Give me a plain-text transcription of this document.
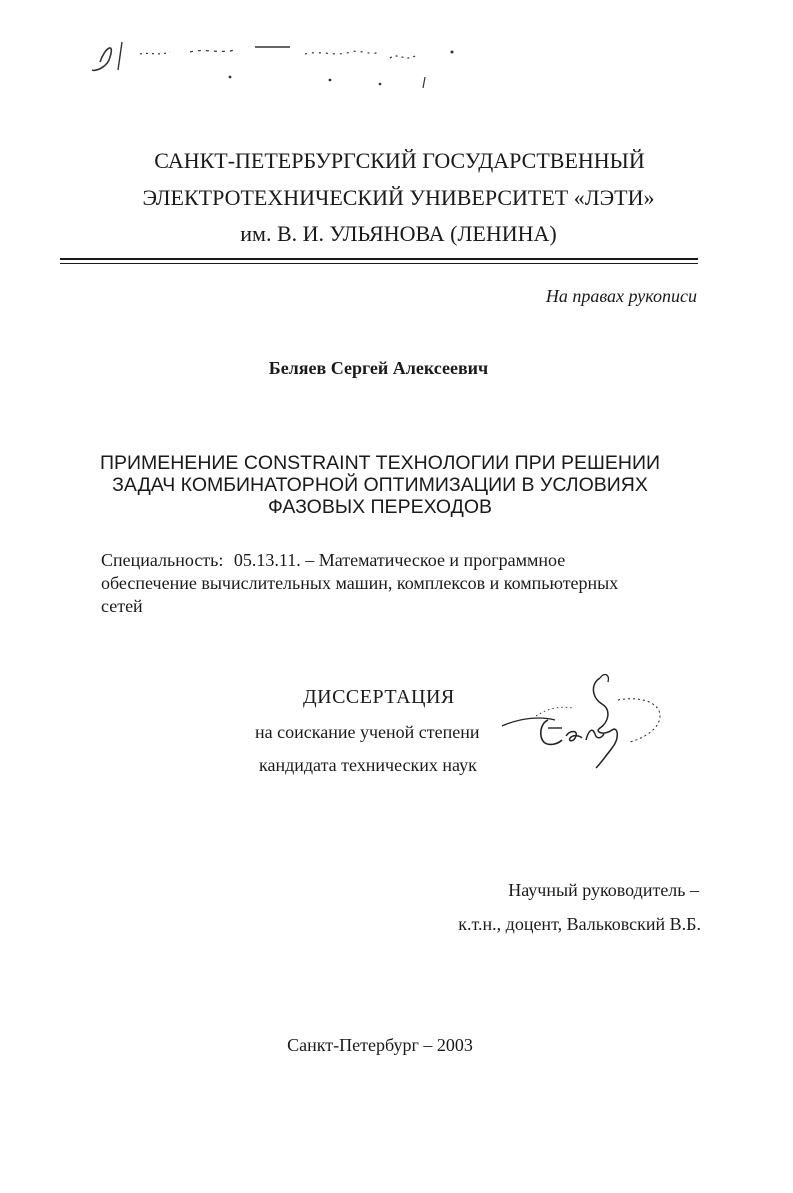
САНКТ-ПЕТЕРБУРГСКИЙ ГОСУДАРСТВЕННЫЙ
ЭЛЕКТРОТЕХНИЧЕСКИЙ УНИВЕРСИТЕТ «ЛЭТИ»
им. В. И. УЛЬЯНОВА (ЛЕНИНА)
На правах рукописи
Беляев Сергей Алексеевич
ПРИМЕНЕНИЕ CONSTRAINT ТЕХНОЛОГИИ ПРИ РЕШЕНИИ
ЗАДАЧ КОМБИНАТОРНОЙ ОПТИМИЗАЦИИ В УСЛОВИЯХ
ФАЗОВЫХ ПЕРЕХОДОВ
Специальность: 05.13.11. – Математическое и программное
обеспечение вычислительных машин, комплексов и компьютерных
сетей
ДИССЕРТАЦИЯ
на соискание ученой степени
кандидата технических наук
Научный руководитель –
к.т.н., доцент, Вальковский В.Б.
Санкт-Петербург – 2003
